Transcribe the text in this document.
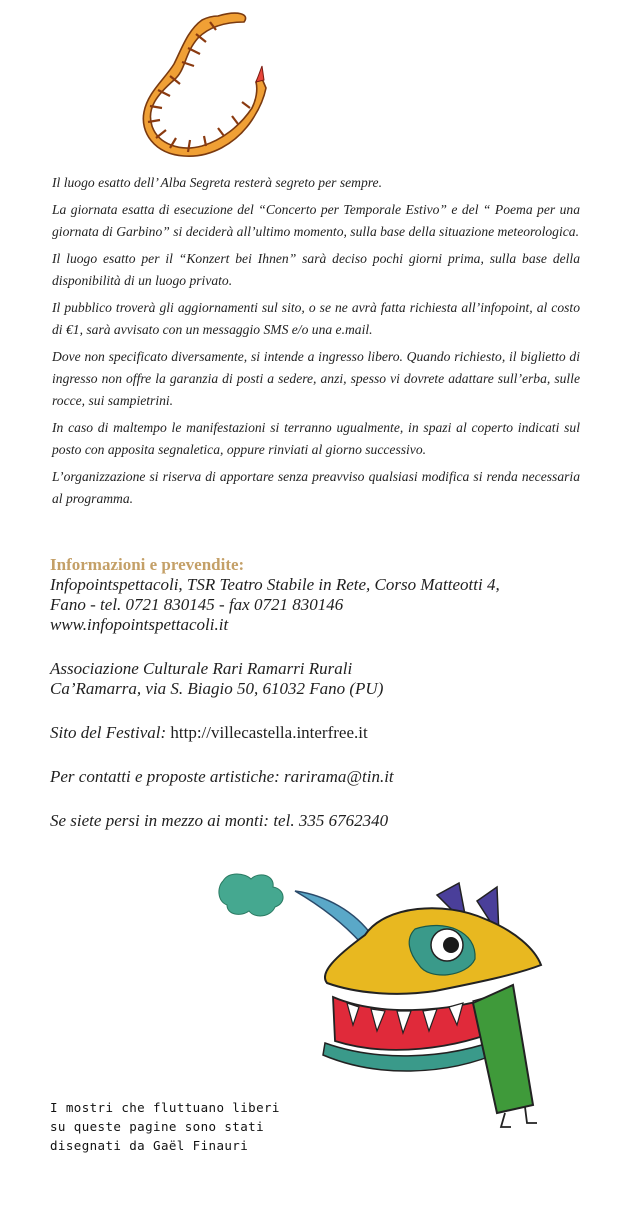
Il luogo esatto dell’ Alba Segreta resterà segreto per sempre.

La giornata esatta di esecuzione del “Concerto per Temporale Estivo” e del “ Poema per una giornata di Garbino” si deciderà all’ultimo momento, sulla base della situazione meteorologica.

Il luogo esatto per il “Konzert bei Ihnen” sarà deciso pochi giorni prima, sulla base della disponibilità di un luogo privato.

Il pubblico troverà gli aggiornamenti sul sito, o se ne avrà fatta richiesta all’infopoint, al costo di €1, sarà avvisato con un messaggio SMS e/o una e.mail.

Dove non specificato diversamente, si intende a ingresso libero. Quando richiesto, il biglietto di ingresso non offre la garanzia di posti a sedere, anzi, spesso vi dovrete adattare sull’erba, sulle rocce, sui sampietrini.

In caso di maltempo le manifestazioni si terranno ugualmente, in spazi al coperto indicati sul posto con apposita segnaletica, oppure rinviati al giorno successivo.

L’organizzazione si riserva di apportare senza preavviso qualsiasi modifica si renda necessaria al programma.

Informazioni e prevendite:

Infopointspettacoli, TSR Teatro Stabile in Rete, Corso Matteotti 4,

Fano - tel. 0721 830145 - fax 0721 830146

www.infopointspettacoli.it

Associazione Culturale Rari Ramarri Rurali

Ca’Ramarra, via S. Biagio 50, 61032 Fano (PU)

Sito del Festival: http://villecastella.interfree.it

Per contatti e proposte artistiche: rarirama@tin.it

Se siete persi in mezzo ai monti: tel. 335 6762340

I mostri che fluttuano liberi
su queste pagine sono stati
disegnati da Gaël Finauri
